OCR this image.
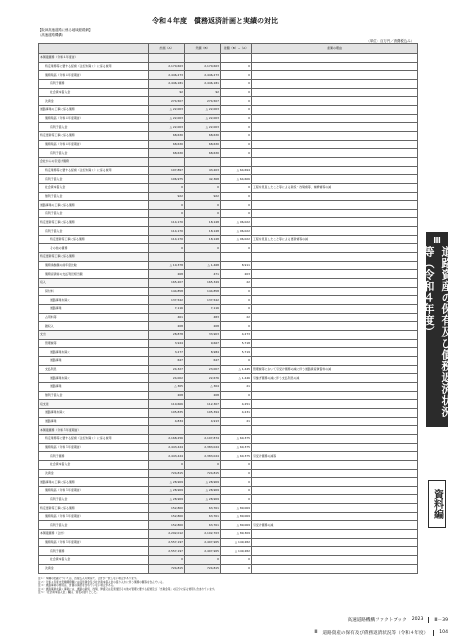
令和４年度　償務返済計画と実績の対比
【阪神高速道路に係る地域経路網】
（高速道路機構）
（単位：百万円／消費税込み）
	計画（A）	実績（B）	差額（B）−（A）	差異の理由
本償還債務（令和４年度首）				
特定業務等に要する経費（注記を除く）に係る費用	2,170,603	2,170,603	0	
債務残高（令和４年度期首）	2,446,273	2,446,273	0	
有利子債務	2,446,181	2,446,181	0	
社会資本借入金	92	92	0	
次資金	274,507	274,507	0	
道路事業の工事に係る債務	△ 22,003	△ 22,003	0	
債務残高（令和４年度期首）	△ 22,003	△ 22,003	0	
有利子借入金	△ 22,003	△ 22,003	0	
特定更新等工事に係る債務	68,630	68,630	0	
債務残高（令和４年度期首）	68,630	68,630	0	
有利子借入金	68,630	68,630	0	
会社からの引受け債務				
特定業務等に要する経費（注記を除く）に係る費用	107,897	43,203	△ 64,694	
有利子借入金	106,975	42,368	△ 64,606	
社会資本借入金	0	0	0	工程を見直したこと等による新設・改築費等、補修費等の減
無利子借入金	922	922	0	
道路事業の工事に係る債務	0	0	0	
有利子借入金	0	0	0	
特定更新等工事に係る債務	114,170	18,148	△ 96,022	
有利子借入金	114,170	18,148	△ 96,022	
特定更新等工事に係る債務	114,170	18,148	△ 96,022	工程を見直したこと等による更新費等の減
その他の債務	0	0	0	
特定更新等工事に係る債務				
債務承継額の前年度比較	△ 10,378	△ 1,468	8,911	
債務返済前の支払利息相当額	268	471	203	
収入	165,207	165,349	22	
貸付料	144,858	144,858	0	
道路事業を除く	137,542	137,542	0	
道路事業	7,116	7,116	0	
占用料等	461	483	22	
雑収入	208	208	0	
支出	28,878	33,903	4,273	
管理費等	3,924	9,667	5,718	
道路事業を除く	3,277	8,984	5,719	
道路事業	647	647	0	
支払利息	24,327	23,007	△ 1,445	管理費等において引受け債務の減に伴う道路資産賃借料の減
道路事業を除く	24,002	22,676	△ 1,446	引継ぎ債務の減に伴う支払利息の減
道路事業	△ 305	△ 304	21	
無利子借入金	208	208	0	
収支差	110,666	112,307	4,251	
道路事業を除く	105,835	105,394	4,231	
道路事業	4,834	4,913	21	
本償還債務（令和５年度期首）				
特定業務等に要する経費（注記を除く）に係る費用	2,168,256	2,107,874	△ 60,375	
債務残高（令和５年度期首）	2,443,424	2,383,024	△ 60,375	
有利子債務	2,443,424	2,383,024	△ 60,375	引受け債務の減等
社会資本借入金	0	0	0	
次資金	724,815	724,815	0	
道路事業の工事に係る債務	△ 28,909	△ 28,909	0	
債務残高（令和５年度期首）	△ 28,909	△ 28,909	0	
有利子借入金	△ 28,909	△ 28,909	0	
特定更新等工事に係る債務	152,800	63,761	△ 89,069	
債務残高（令和５年度期首）	152,800	63,761	△ 89,069	
有利子借入金	152,800	63,761	△ 89,069	引受け債務の減
本償還債務（合計）	2,292,012	2,102,703	△ 89,309	
債務残高（令和５年度期首）	2,557,197	2,407,905	△ 149,282	
有利子債務	2,557,197	2,407,905	△ 149,282	
社会資本借入金	0	0	0	
次資金	724,815	724,815	0	
注１）本欄の記載については、四捨五入の関係で、合計が一致しない場合があります。
注２）令和４年度末実績債務額には経営資金及び社会資本借入金の借り入れに伴う債務の額等を含んでいる。
注３）道路事業の費用は、計画の承認を含めていない場合がある。
注４）道路事業を除く事業には、道路の新設、改築、修繕又は災害復旧その他の管理に要する経費及び「出資金等」の区分に係る費用も含まれています。
注５）「社会資本借入金」欄は、別表の通りとした。
Ⅲ
道路資産の保有及び債務返済状況等（令和４年度）
資料編
高速道路機構ファクトブック 2023 Ⅲ－39
Ⅲ 道路資産の保有及び債務返済状況等（令和４年度） 104
